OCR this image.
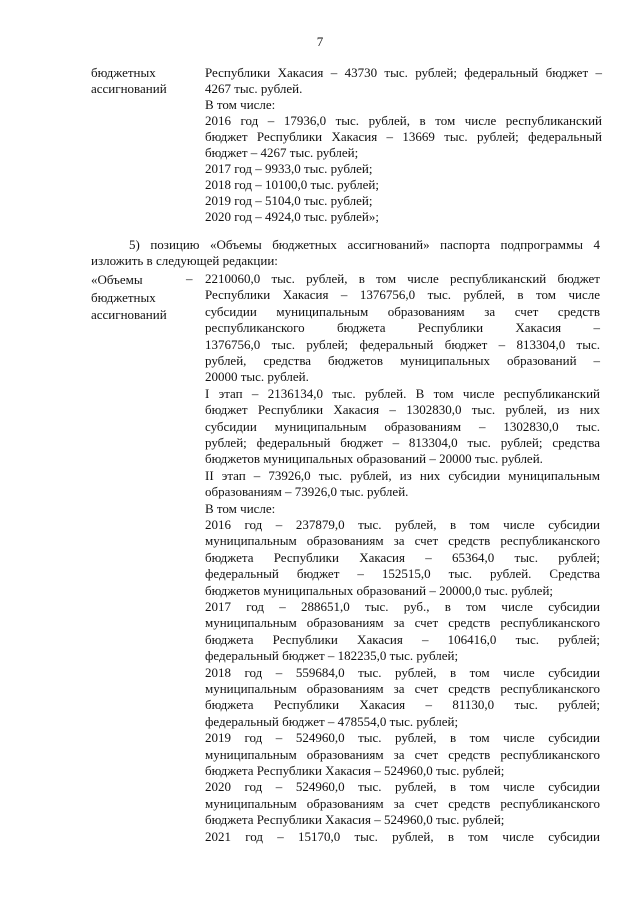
7
бюджетных
ассигнований
Республики Хакасия – 43730 тыс. рублей; федеральный бюджет –
4267 тыс. рублей.
В том числе:
2016 год – 17936,0 тыс. рублей, в том числе республиканский
бюджет Республики Хакасия – 13669 тыс. рублей; федеральный
бюджет – 4267 тыс. рублей;
2017 год – 9933,0 тыс. рублей;
2018 год – 10100,0 тыс. рублей;
2019 год – 5104,0 тыс. рублей;
2020 год – 4924,0 тыс. рублей»;
5) позицию «Объемы бюджетных ассигнований» паспорта подпрограммы 4
изложить в следующей редакции:
«Объемы
бюджетных
ассигнований
– 2210060,0 тыс. рублей, в том числе республиканский бюджет
Республики Хакасия – 1376756,0 тыс. рублей, в том числе
субсидии муниципальным образованиям за счет средств
республиканского бюджета Республики Хакасия –
1376756,0 тыс. рублей; федеральный бюджет – 813304,0 тыс.
рублей, средства бюджетов муниципальных образований –
20000 тыс. рублей.
I этап – 2136134,0 тыс. рублей. В том числе республиканский
бюджет Республики Хакасия – 1302830,0 тыс. рублей, из них
субсидии муниципальным образованиям – 1302830,0 тыс.
рублей; федеральный бюджет – 813304,0 тыс. рублей; средства
бюджетов муниципальных образований – 20000 тыс. рублей.
II этап – 73926,0 тыс. рублей, из них субсидии муниципальным
образованиям – 73926,0 тыс. рублей.
В том числе:
2016 год – 237879,0 тыс. рублей, в том числе субсидии
муниципальным образованиям за счет средств республиканского
бюджета Республики Хакасия – 65364,0 тыс. рублей;
федеральный бюджет – 152515,0 тыс. рублей. Средства
бюджетов муниципальных образований – 20000,0 тыс. рублей;
2017 год – 288651,0 тыс. руб., в том числе субсидии
муниципальным образованиям за счет средств республиканского
бюджета Республики Хакасия – 106416,0 тыс. рублей;
федеральный бюджет – 182235,0 тыс. рублей;
2018 год – 559684,0 тыс. рублей, в том числе субсидии
муниципальным образованиям за счет средств республиканского
бюджета Республики Хакасия – 81130,0 тыс. рублей;
федеральный бюджет – 478554,0 тыс. рублей;
2019 год – 524960,0 тыс. рублей, в том числе субсидии
муниципальным образованиям за счет средств республиканского
бюджета Республики Хакасия – 524960,0 тыс. рублей;
2020 год – 524960,0 тыс. рублей, в том числе субсидии
муниципальным образованиям за счет средств республиканского
бюджета Республики Хакасия – 524960,0 тыс. рублей;
2021 год – 15170,0 тыс. рублей, в том числе субсидии
